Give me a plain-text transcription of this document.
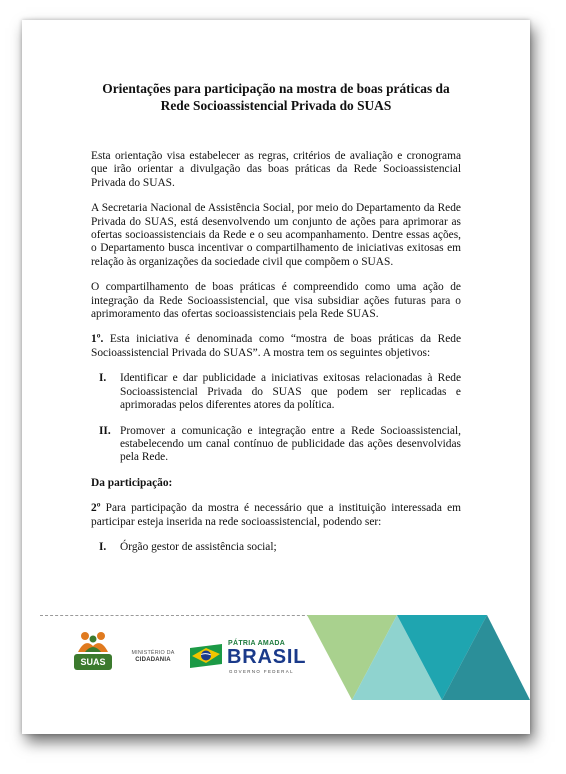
Orientações para participação na mostra de boas práticas da
Rede Socioassistencial Privada do SUAS

Esta orientação visa estabelecer as regras, critérios de avaliação e cronograma que irão orientar a divulgação das boas práticas da Rede Socioassistencial Privada do SUAS.

A Secretaria Nacional de Assistência Social, por meio do Departamento da Rede Privada do SUAS, está desenvolvendo um conjunto de ações para aprimorar as ofertas socioassistenciais da Rede e o seu acompanhamento. Dentre essas ações, o Departamento busca incentivar o compartilhamento de iniciativas exitosas em relação às organizações da sociedade civil que compõem o SUAS.

O compartilhamento de boas práticas é compreendido como uma ação de integração da Rede Socioassistencial, que visa subsidiar ações futuras para o aprimoramento das ofertas socioassistenciais pela Rede SUAS.

1º. Esta iniciativa é denominada como “mostra de boas práticas da Rede Socioassistencial Privada do SUAS”. A mostra tem os seguintes objetivos:

I.	Identificar e dar publicidade a iniciativas exitosas relacionadas à Rede Socioassistencial Privada do SUAS que podem ser replicadas e aprimoradas pelos diferentes atores da política.
II. Promover a comunicação e integração entre a Rede Socioassistencial, estabelecendo um canal contínuo de publicidade das ações desenvolvidas pela Rede.
Da participação:

2º Para participação da mostra é necessário que a instituição interessada em participar esteja inserida na rede socioassistencial, podendo ser:

I.	Órgão gestor de assistência social;
SUAS
MINISTÉRIO DA
CIDADANIA
PÁTRIA AMADA
BRASIL
GOVERNO FEDERAL
